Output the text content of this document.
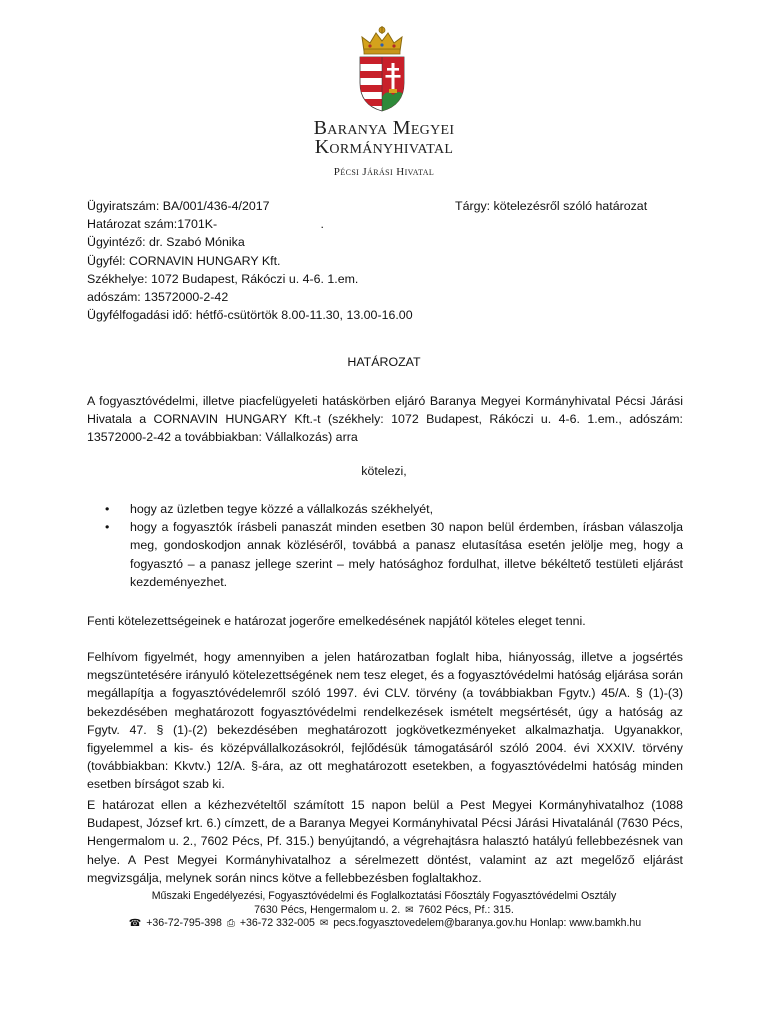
Baranya Megyei
Kormányhivatal
Pécsi Járási Hivatal
Ügyiratszám: BA/001/436-4/2017
Határozat szám:1701K-                              .
Ügyintéző: dr. Szabó Mónika
Ügyfél: CORNAVIN HUNGARY Kft.
Székhelye: 1072 Budapest, Rákóczi u. 4-6. 1.em.
adószám: 13572000-2-42
Ügyfélfogadási idő: hétfő-csütörtök 8.00-11.30, 13.00-16.00
Tárgy: kötelezésről szóló határozat
HATÁROZAT
A fogyasztóvédelmi, illetve piacfelügyeleti hatáskörben eljáró Baranya Megyei Kormányhivatal Pécsi Járási Hivatala a CORNAVIN HUNGARY Kft.-t (székhely: 1072 Budapest, Rákóczi u. 4-6. 1.em., adószám: 13572000-2-42 a továbbiakban: Vállalkozás) arra
kötelezi,
• hogy az üzletben tegye közzé a vállalkozás székhelyét,
• hogy a fogyasztók írásbeli panaszát minden esetben 30 napon belül érdemben, írásban válaszolja meg, gondoskodjon annak közléséről, továbbá a panasz elutasítása esetén jelölje meg, hogy a fogyasztó – a panasz jellege szerint – mely hatósághoz fordulhat, illetve békéltető testületi eljárást kezdeményezhet.
Fenti kötelezettségeinek e határozat jogerőre emelkedésének napjától köteles eleget tenni.
Felhívom figyelmét, hogy amennyiben a jelen határozatban foglalt hiba, hiányosság, illetve a jogsértés megszüntetésére irányuló kötelezettségének nem tesz eleget, és a fogyasztóvédelmi hatóság eljárása során megállapítja a fogyasztóvédelemről szóló 1997. évi CLV. törvény (a továbbiakban Fgytv.) 45/A. § (1)-(3) bekezdésében meghatározott fogyasztóvédelmi rendelkezések ismételt megsértését, úgy a hatóság az Fgytv. 47. § (1)-(2) bekezdésében meghatározott jogkövetkezményeket alkalmazhatja. Ugyanakkor, figyelemmel a kis- és középvállalkozásokról, fejlődésük támogatásáról szóló 2004. évi XXXIV. törvény (továbbiakban: Kkvtv.) 12/A. §-ára, az ott meghatározott esetekben, a fogyasztóvédelmi hatóság minden esetben bírságot szab ki.
E határozat ellen a kézhezvételtől számított 15 napon belül a Pest Megyei Kormányhivatalhoz (1088 Budapest, József krt. 6.) címzett, de a Baranya Megyei Kormányhivatal Pécsi Járási Hivatalánál (7630 Pécs, Hengermalom u. 2., 7602 Pécs, Pf. 315.) benyújtandó, a végrehajtásra halasztó hatályú fellebbezésnek van helye. A Pest Megyei Kormányhivatalhoz a sérelmezett döntést, valamint az azt megelőző eljárást megvizsgálja, melynek során nincs kötve a fellebbezésben foglaltakhoz.
Műszaki Engedélyezési, Fogyasztóvédelmi és Foglalkoztatási Főosztály Fogyasztóvédelmi Osztály
7630 Pécs, Hengermalom u. 2. ✉ 7602 Pécs, Pf.: 315.
☎ +36-72-795-398 ⎙ +36-72 332-005 ✉ pecs.fogyasztovedelem@baranya.gov.hu Honlap: www.bamkh.hu
